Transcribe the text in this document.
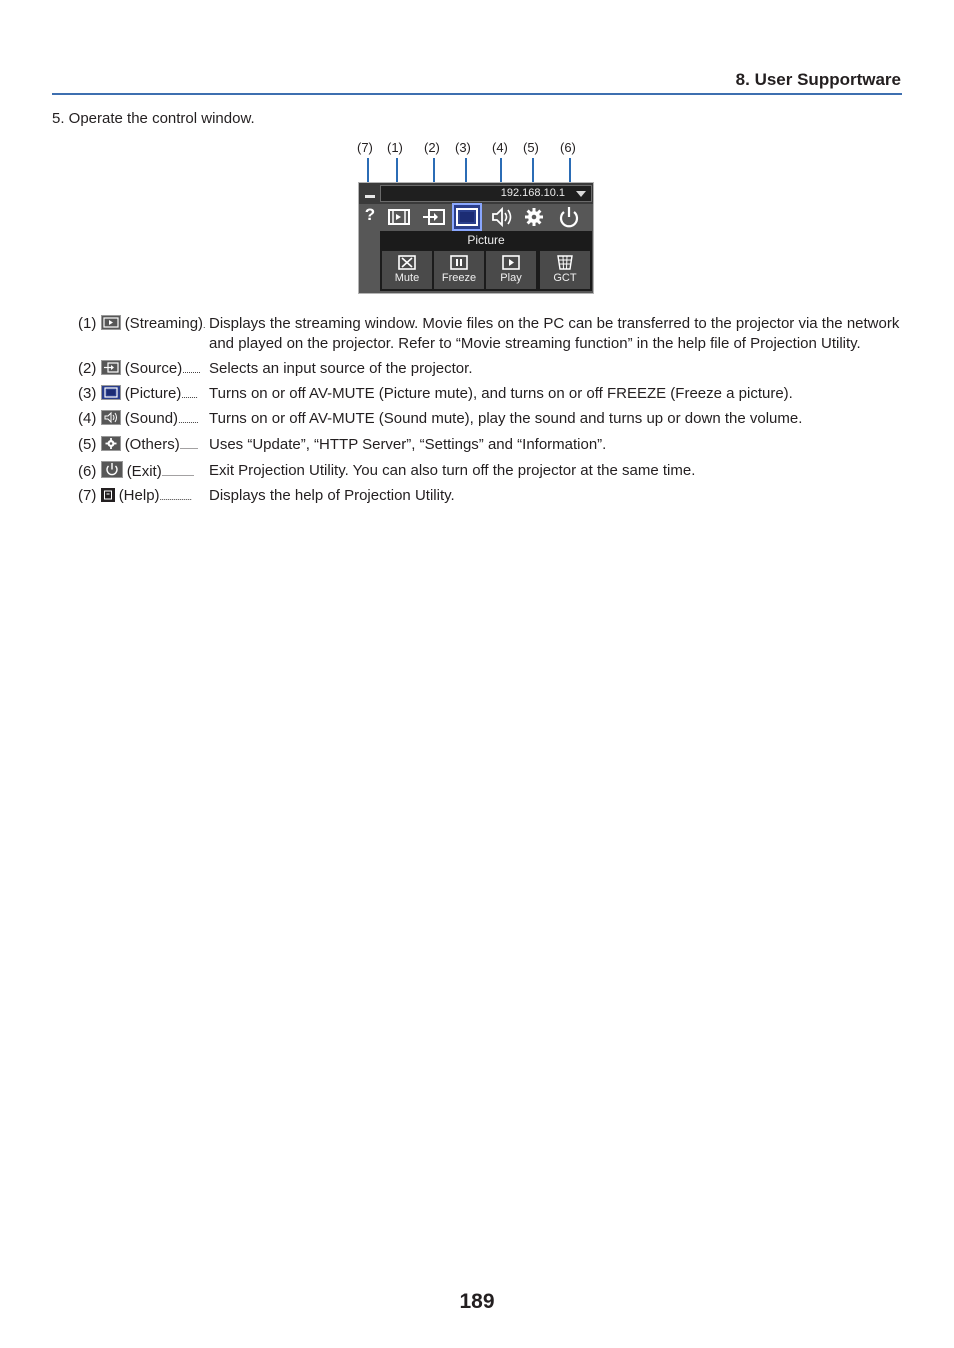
8. User Supportware
5. Operate the control window.
(7) (1) (2) (3) (4) (5) (6)
192.168.10.1
?
Picture
Mute	Freeze	Play	GCT
(1) (Streaming). Displays the streaming window. Movie files on the PC can be transferred to the projector via the network and played on the projector. Refer to “Movie streaming function” in the help file of Projection Utility.
(2) (Source)......... Selects an input source of the projector.
(3) (Picture)........ Turns on or off AV-MUTE (Picture mute), and turns on or off FREEZE (Freeze a picture).
(4) (Sound).......... Turns on or off AV-MUTE (Sound mute), play the sound and turns up or down the volume.
(5) (Others)......... Uses “Update”, “HTTP Server”, “Settings” and “Information”.
(6) (Exit)................ Exit Projection Utility. You can also turn off the projector at the same time.
(7) (Help)................ Displays the help of Projection Utility.
189
